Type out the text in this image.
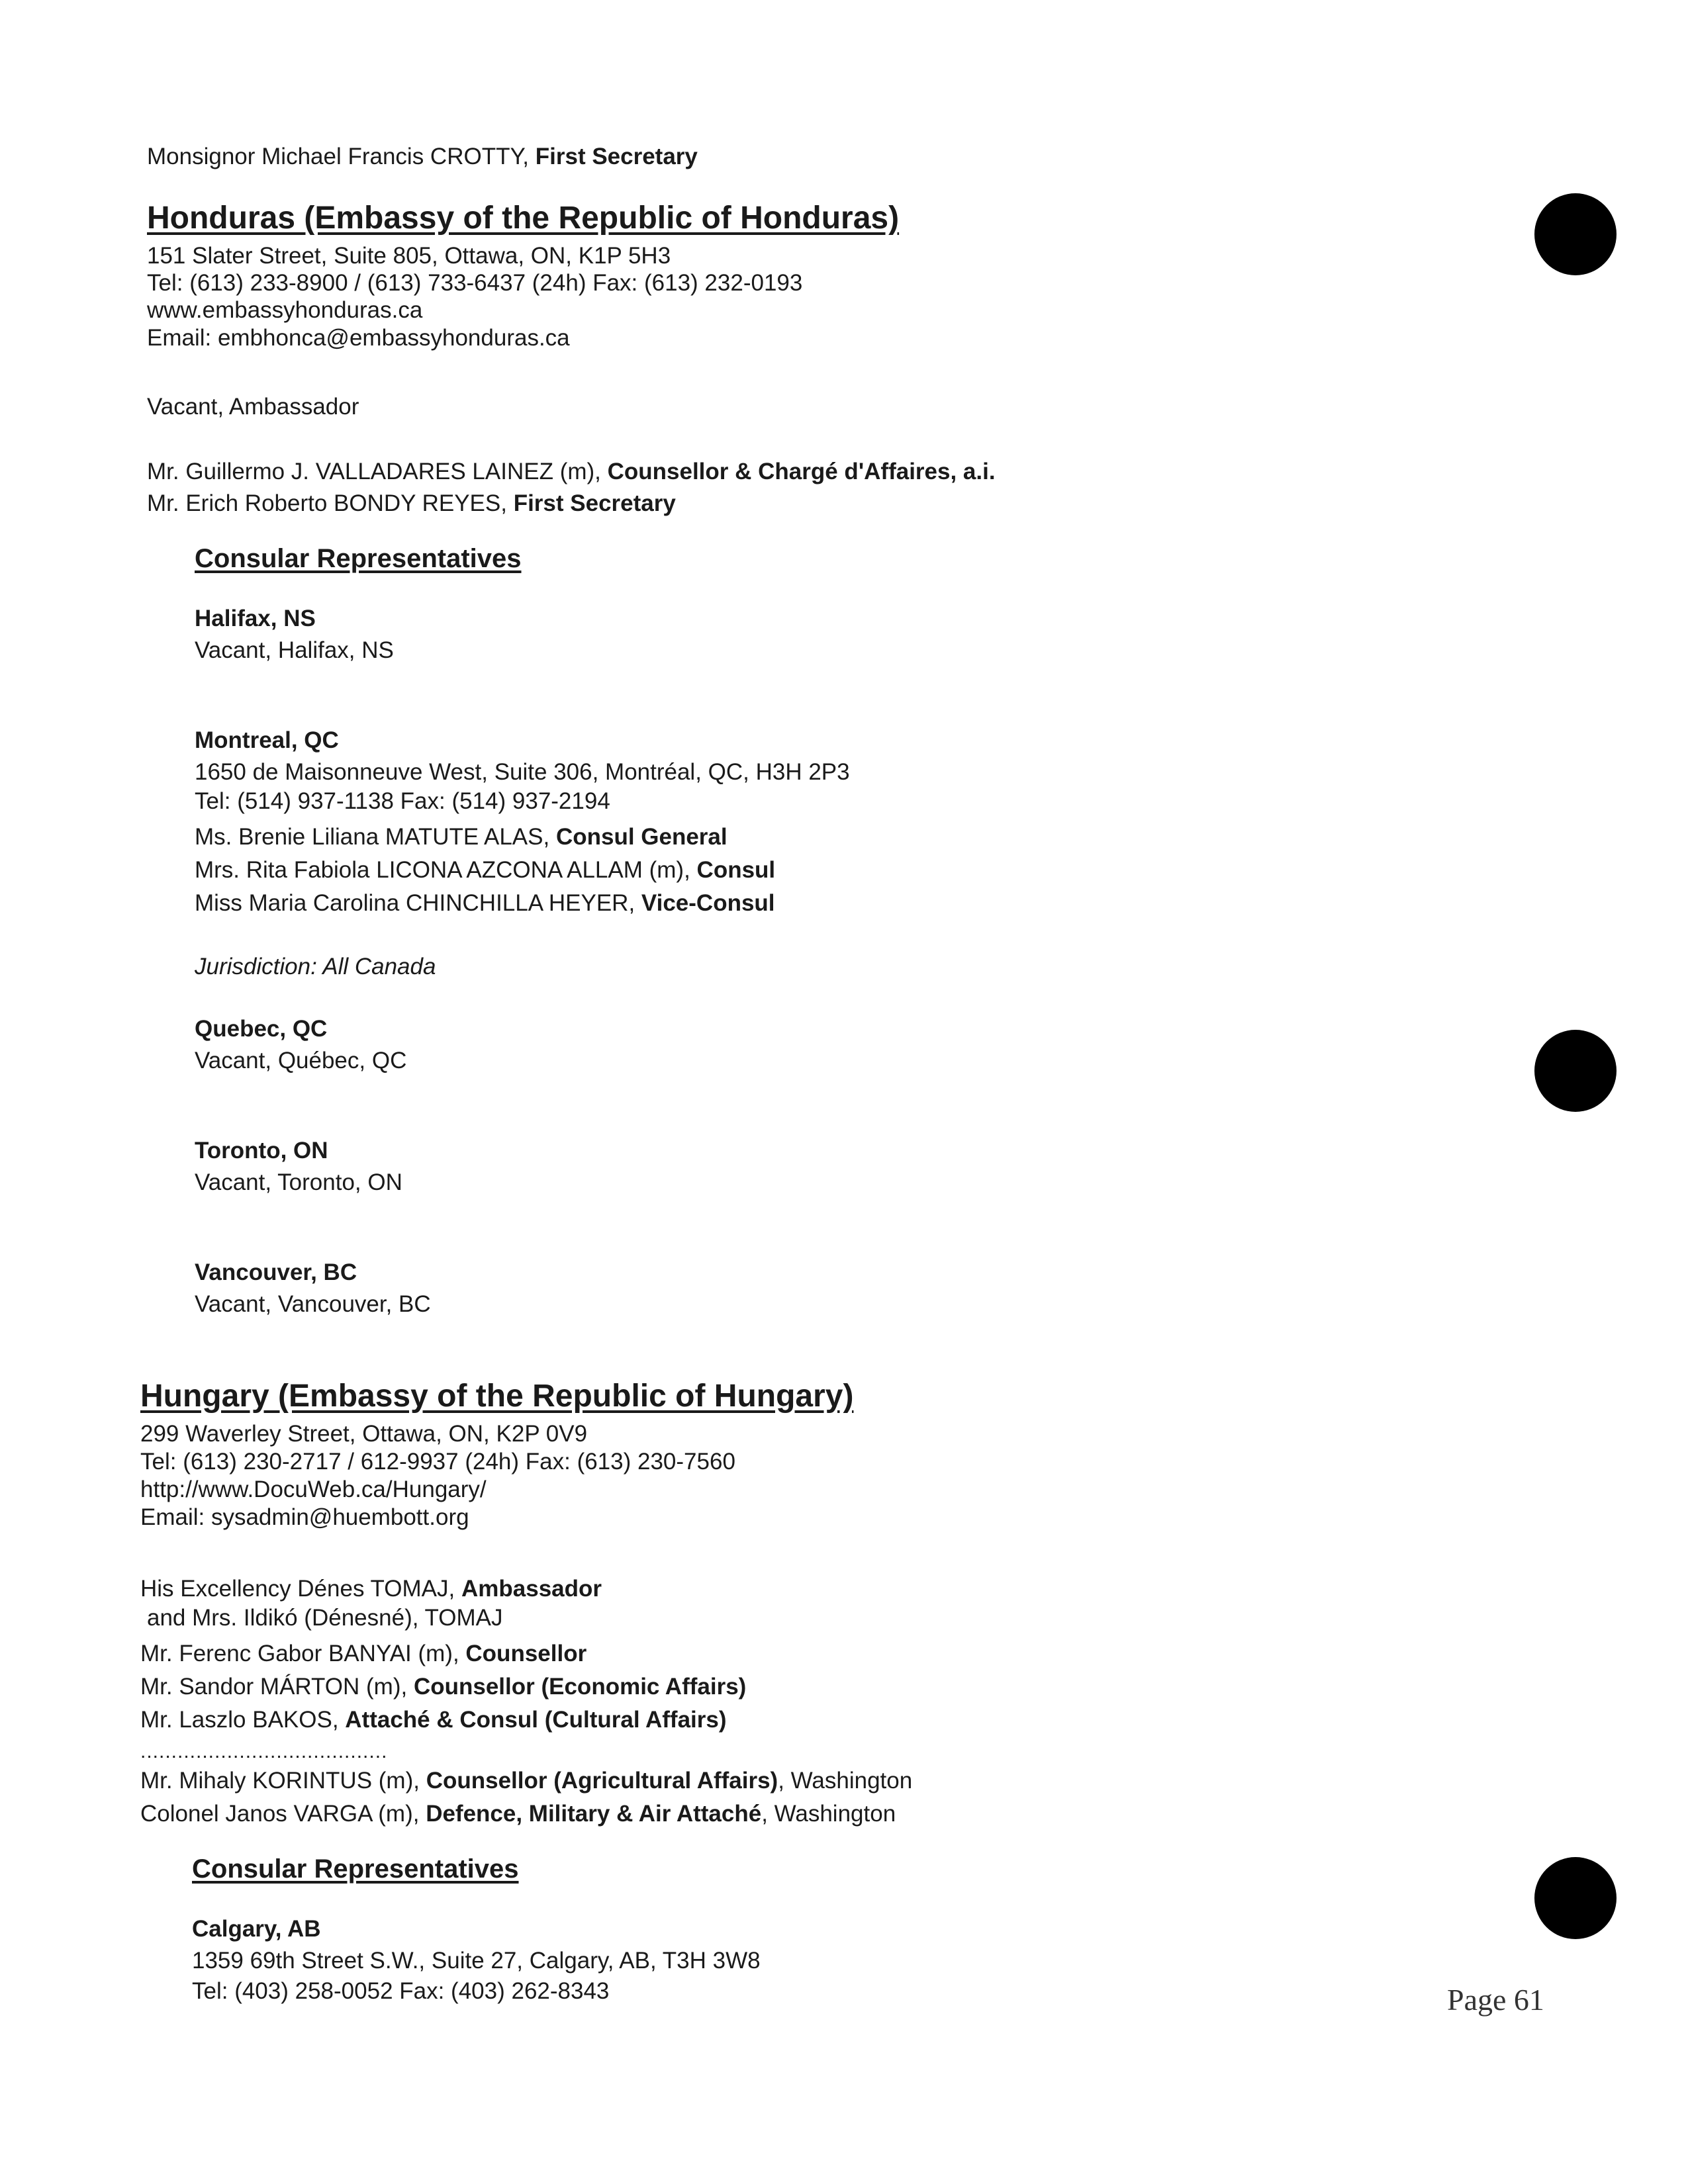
Monsignor Michael Francis CROTTY, First Secretary
Honduras (Embassy of the Republic of Honduras)
151 Slater Street, Suite 805, Ottawa, ON, K1P 5H3
Tel: (613) 233-8900 / (613) 733-6437 (24h) Fax: (613) 232-0193
www.embassyhonduras.ca
Email: embhonca@embassyhonduras.ca
Vacant, Ambassador
Mr. Guillermo J. VALLADARES LAINEZ (m), Counsellor & Chargé d'Affaires, a.i.
Mr. Erich Roberto BONDY REYES, First Secretary
Consular Representatives
Halifax, NS
Vacant, Halifax, NS
Montreal, QC
1650 de Maisonneuve West, Suite 306, Montréal, QC, H3H 2P3
Tel: (514) 937-1138 Fax: (514) 937-2194
Ms. Brenie Liliana MATUTE ALAS, Consul General
Mrs. Rita Fabiola LICONA AZCONA ALLAM (m), Consul
Miss Maria Carolina CHINCHILLA HEYER, Vice-Consul
Jurisdiction: All Canada
Quebec, QC
Vacant, Québec, QC
Toronto, ON
Vacant, Toronto, ON
Vancouver, BC
Vacant, Vancouver, BC
Hungary (Embassy of the Republic of Hungary)
299 Waverley Street, Ottawa, ON, K2P 0V9
Tel: (613) 230-2717 / 612-9937 (24h) Fax: (613) 230-7560
http://www.DocuWeb.ca/Hungary/
Email: sysadmin@huembott.org
His Excellency Dénes TOMAJ, Ambassador
and Mrs. Ildikó (Dénesné), TOMAJ
Mr. Ferenc Gabor BANYAI (m), Counsellor
Mr. Sandor MÁRTON (m), Counsellor (Economic Affairs)
Mr. Laszlo BAKOS, Attaché & Consul (Cultural Affairs)
........................................
Mr. Mihaly KORINTUS (m), Counsellor (Agricultural Affairs), Washington
Colonel Janos VARGA (m), Defence, Military & Air Attaché, Washington
Consular Representatives
Calgary, AB
1359 69th Street S.W., Suite 27, Calgary, AB, T3H 3W8
Tel: (403) 258-0052 Fax: (403) 262-8343	Page 61
